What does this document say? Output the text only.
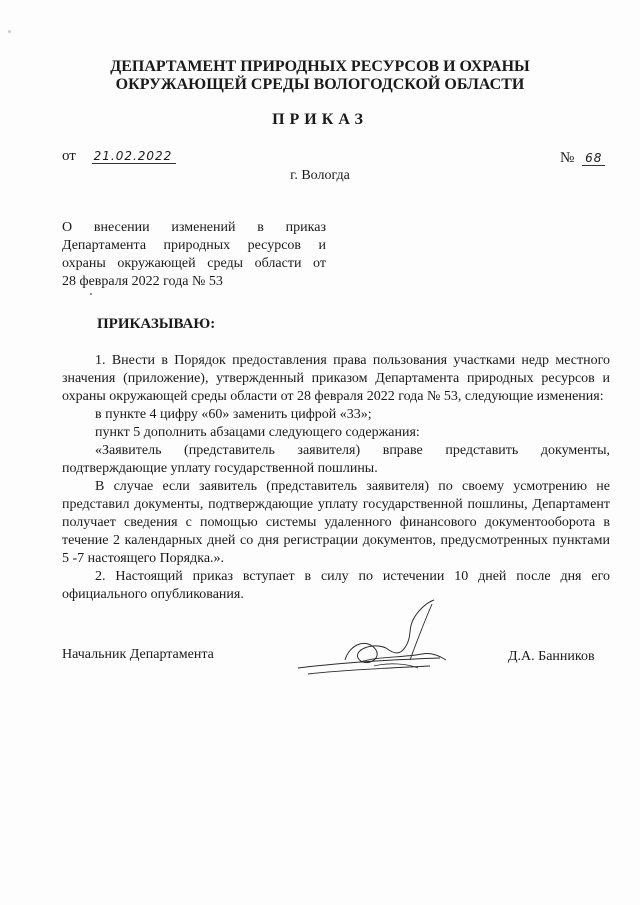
ДЕПАРТАМЕНТ ПРИРОДНЫХ РЕСУРСОВ И ОХРАНЫ
ОКРУЖАЮЩЕЙ СРЕДЫ ВОЛОГОДСКОЙ ОБЛАСТИ
ПРИКАЗ
от 21.02.2022	№ 68
г. Вологда
О внесении изменений в приказ
Департамента природных ресурсов и
охраны окружающей среды области от
28 февраля 2022 года № 53
ПРИКАЗЫВАЮ:

1. Внести в Порядок предоставления права пользования участками недр местного значения (приложение), утвержденный приказом Департамента природных ресурсов и охраны окружающей среды области от 28 февраля 2022 года № 53, следующие изменения:

в пункте 4 цифру «60» заменить цифрой «33»;

пункт 5 дополнить абзацами следующего содержания:

«Заявитель (представитель заявителя) вправе представить документы, подтверждающие уплату государственной пошлины.

В случае если заявитель (представитель заявителя) по своему усмотрению не представил документы, подтверждающие уплату государственной пошлины, Департамент получает сведения с помощью системы удаленного финансового документооборота в течение 2 календарных дней со дня регистрации документов, предусмотренных пунктами 5 -7 настоящего Порядка.».

2. Настоящий приказ вступает в силу по истечении 10 дней после дня его официального опубликования.

Начальник Департамента	Д.А. Банников
